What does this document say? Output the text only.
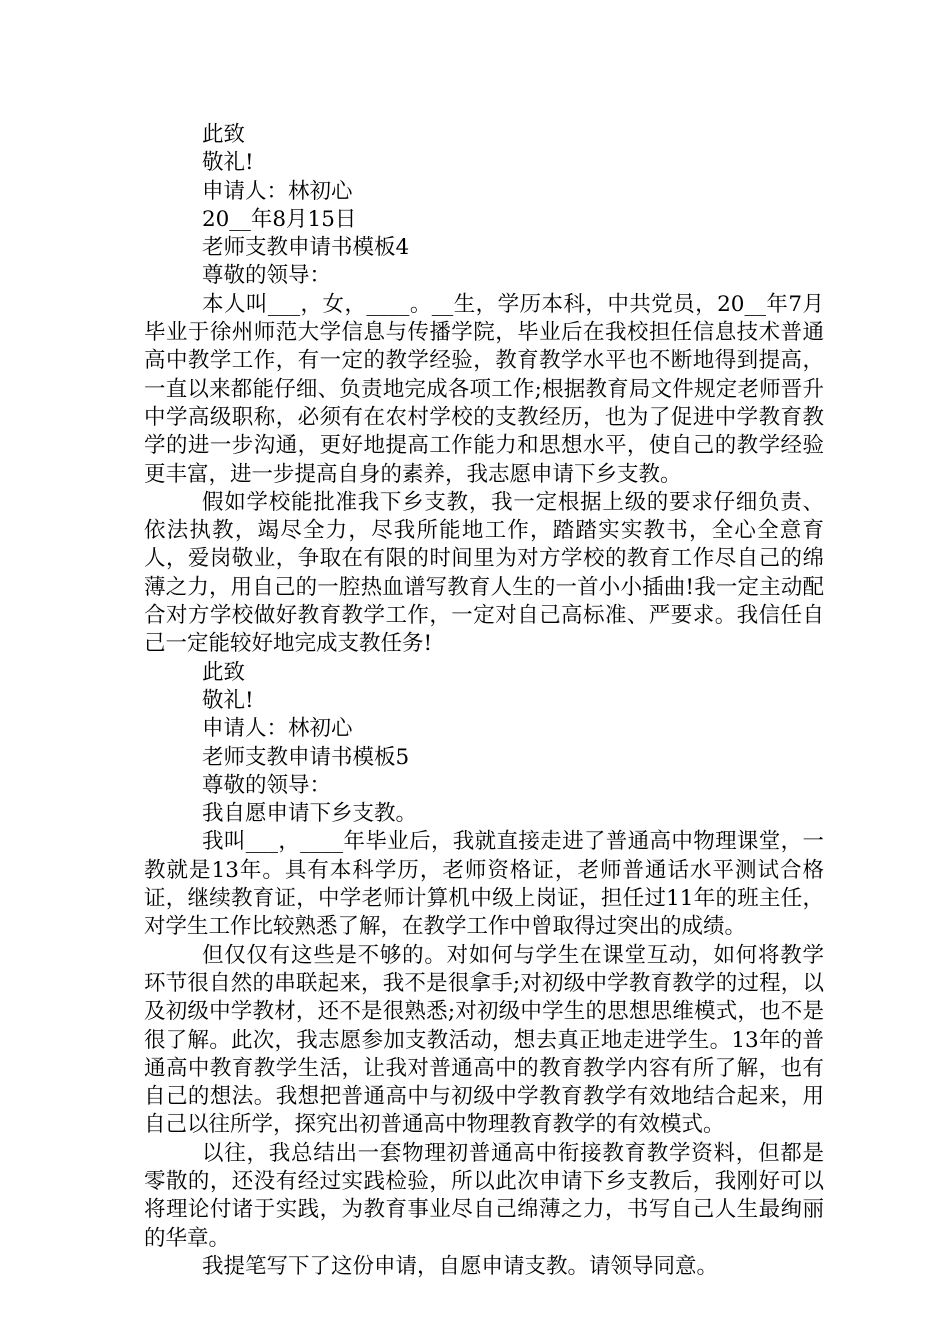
此致

敬礼!

申请人：林初心

20__年8月15日

老师支教申请书模板4

尊敬的领导：

本人叫___，女，____。__生，学历本科，中共党员，20__年7月毕业于徐州师范大学信息与传播学院，毕业后在我校担任信息技术普通高中教学工作，有一定的教学经验，教育教学水平也不断地得到提高，一直以来都能仔细、负责地完成各项工作;根据教育局文件规定老师晋升中学高级职称，必须有在农村学校的支教经历，也为了促进中学教育教学的进一步沟通，更好地提高工作能力和思想水平，使自己的教学经验更丰富，进一步提高自身的素养，我志愿申请下乡支教。

假如学校能批准我下乡支教，我一定根据上级的要求仔细负责、依法执教，竭尽全力，尽我所能地工作，踏踏实实教书，全心全意育人，爱岗敬业，争取在有限的时间里为对方学校的教育工作尽自己的绵薄之力，用自己的一腔热血谱写教育人生的一首小小插曲!我一定主动配合对方学校做好教育教学工作，一定对自己高标准、严要求。我信任自己一定能较好地完成支教任务!

此致

敬礼!

申请人：林初心

老师支教申请书模板5

尊敬的领导：

我自愿申请下乡支教。

我叫___，____年毕业后，我就直接走进了普通高中物理课堂，一教就是13年。具有本科学历，老师资格证，老师普通话水平测试合格证，继续教育证，中学老师计算机中级上岗证，担任过11年的班主任，对学生工作比较熟悉了解，在教学工作中曾取得过突出的成绩。

但仅仅有这些是不够的。对如何与学生在课堂互动，如何将教学环节很自然的串联起来，我不是很拿手;对初级中学教育教学的过程，以及初级中学教材，还不是很熟悉;对初级中学生的思想思维模式，也不是很了解。此次，我志愿参加支教活动，想去真正地走进学生。13年的普通高中教育教学生活，让我对普通高中的教育教学内容有所了解，也有自己的想法。我想把普通高中与初级中学教育教学有效地结合起来，用自己以往所学，探究出初普通高中物理教育教学的有效模式。

以往，我总结出一套物理初普通高中衔接教育教学资料，但都是零散的，还没有经过实践检验，所以此次申请下乡支教后，我刚好可以将理论付诸于实践，为教育事业尽自己绵薄之力，书写自己人生最绚丽的华章。

我提笔写下了这份申请，自愿申请支教。请领导同意。
